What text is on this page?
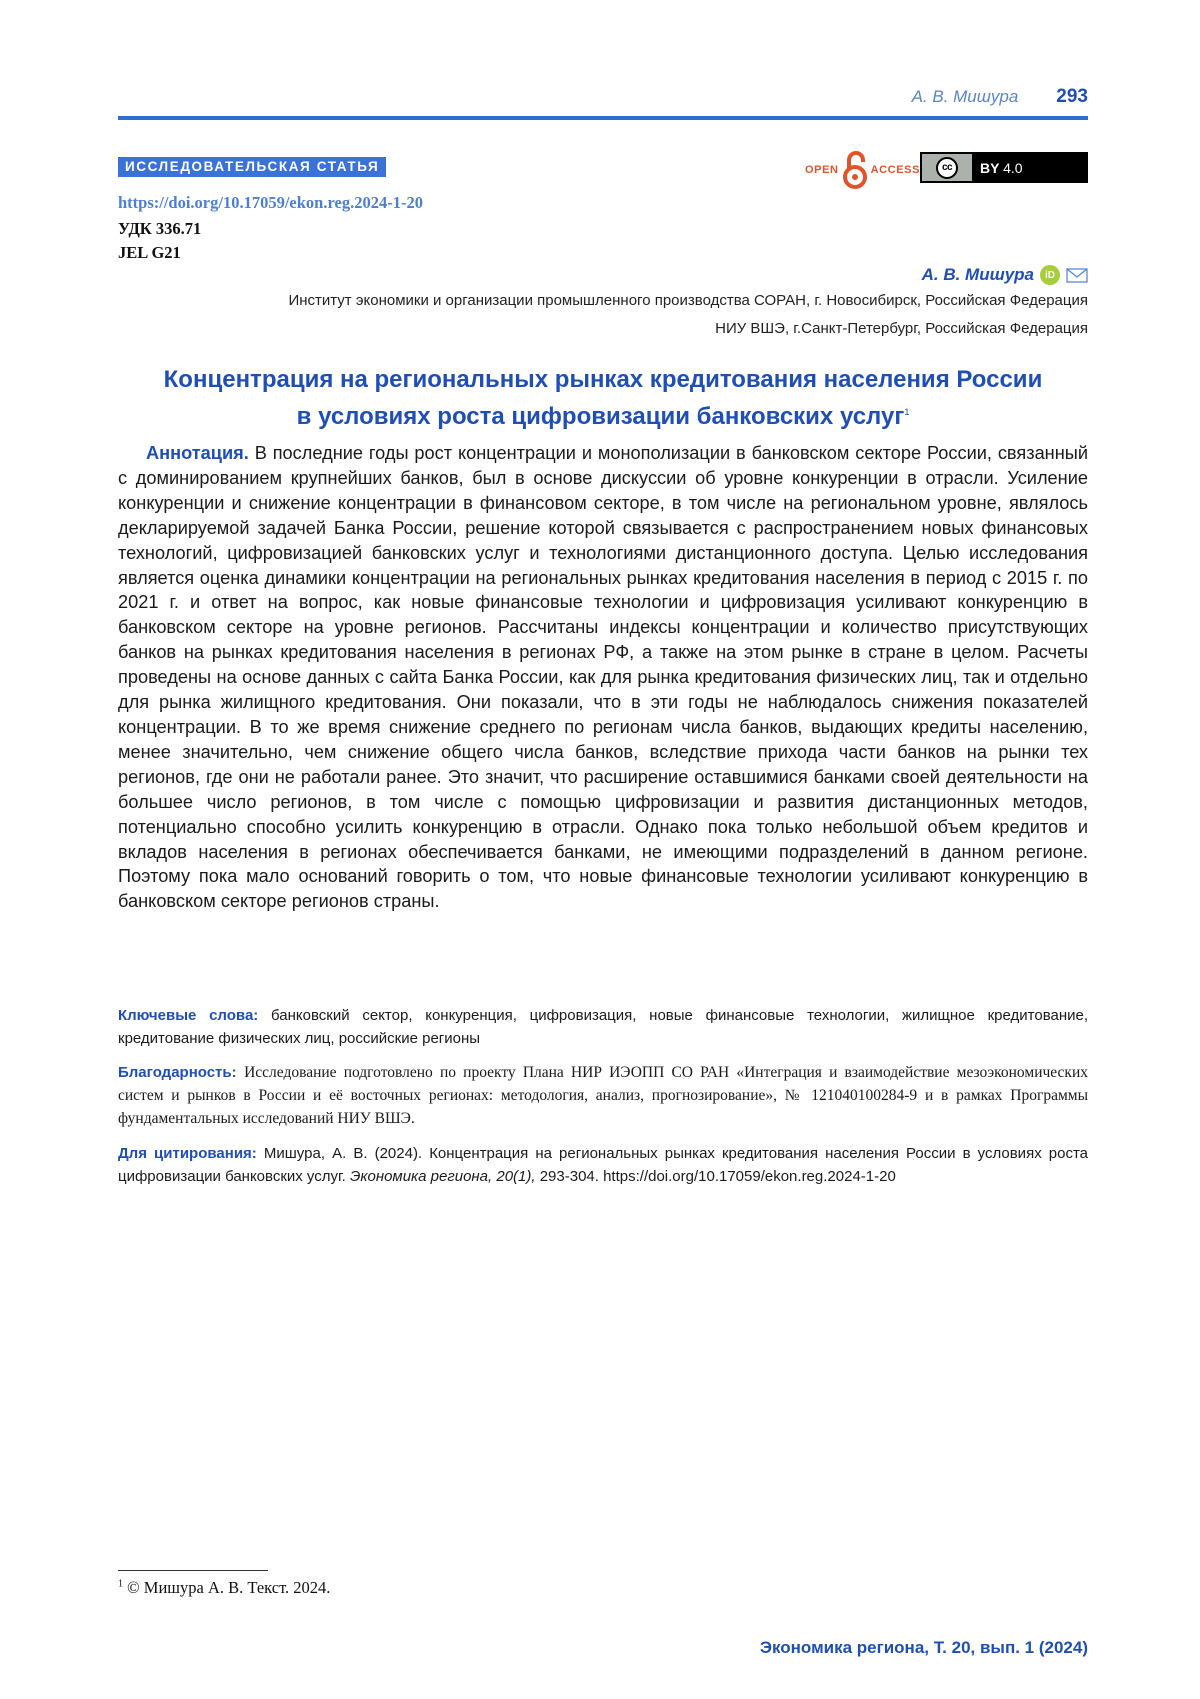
А. В. Мишура 293
ИССЛЕДОВАТЕЛЬСКАЯ СТАТЬЯ	OPEN	ACCESS	cc	BY 4.0
https://doi.org/10.17059/ekon.reg.2024-1-20
УДК 336.71
JEL G21
А. В. Мишура	iD
Институт экономики и организации промышленного производства СОРАН, г. Новосибирск, Российская Федерация
НИУ ВШЭ, г.Санкт-Петербург, Российская Федерация
Концентрация на региональных рынках кредитования населения России
в условиях роста цифровизации банковских услуг$^1$
Аннотация. В последние годы рост концентрации и монополизации в банковском секторе России, связанный с доминированием крупнейших банков, был в основе дискуссии об уровне конкуренции в отрасли. Усиление конкуренции и снижение концентрации в финансовом секторе, в том числе на региональном уровне, являлось декларируемой задачей Банка России, решение которой связывается с распространением новых финансовых технологий, цифровизацией банковских услуг и технологиями дистанционного доступа. Целью исследования является оценка динамики концентрации на региональных рынках кредитования населения в период с 2015 г. по 2021 г. и ответ на вопрос, как новые финансовые технологии и цифровизация усиливают конкуренцию в банковском секторе на уровне регионов. Рассчитаны индексы концентрации и количество присутствующих банков на рынках кредитования населения в регионах РФ, а также на этом рынке в стране в целом. Расчеты проведены на основе данных с сайта Банка России, как для рынка кредитования физических лиц, так и отдельно для рынка жилищного кредитования. Они показали, что в эти годы не наблюдалось снижения показателей концентрации. В то же время снижение среднего по регионам числа банков, выдающих кредиты населению, менее значительно, чем снижение общего числа банков, вследствие прихода части банков на рынки тех регионов, где они не работали ранее. Это значит, что расширение оставшимися банками своей деятельности на большее число регионов, в том числе с помощью цифровизации и развития дистанционных методов, потенциально способно усилить конкуренцию в отрасли. Однако пока только небольшой объем кредитов и вкладов населения в регионах обеспечивается банками, не имеющими подразделений в данном регионе. Поэтому пока мало оснований говорить о том, что новые финансовые технологии усиливают конкуренцию в банковском секторе регионов страны.
Ключевые слова: банковский сектор, конкуренция, цифровизация, новые финансовые технологии, жилищное кредитование, кредитование физических лиц, российские регионы
Благодарность: Исследование подготовлено по проекту Плана НИР ИЭОПП СО РАН «Интеграция и взаимодействие мезоэкономических систем и рынков в России и её восточных регионах: методология, анализ, прогнозирование», № 121040100284-9 и в рамках Программы фундаментальных исследований НИУ ВШЭ.
Для цитирования: Мишура, А. В. (2024). Концентрация на региональных рынках кредитования населения России в условиях роста цифровизации банковских услуг. Экономика региона, 20(1), 293-304. https://doi.org/10.17059/ekon.reg.2024-1-20
$^1$ © Мишура А. В. Текст. 2024.
Экономика региона, Т. 20, вып. 1 (2024)
